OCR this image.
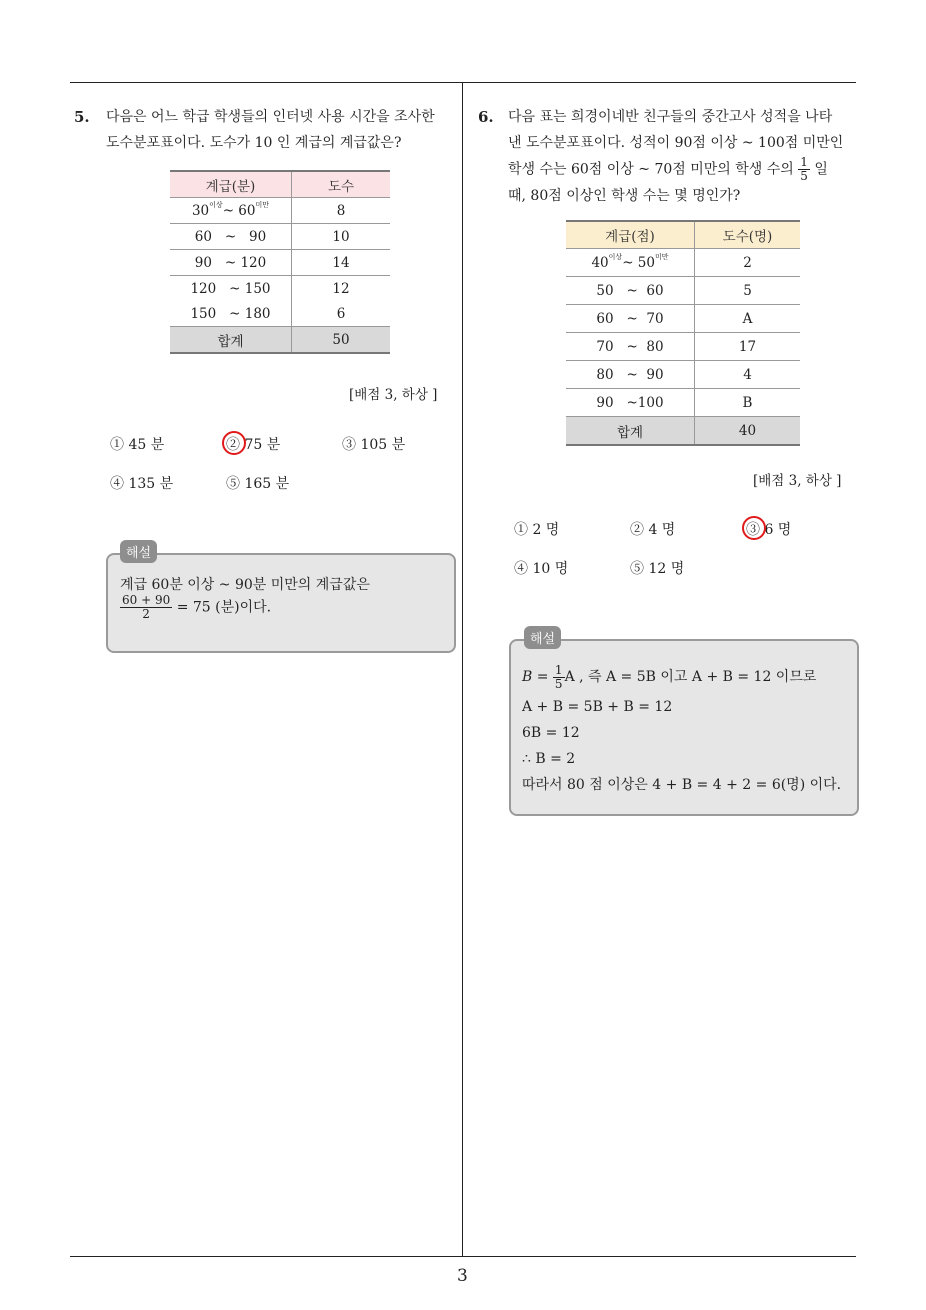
5. 다음은 어느 학급 학생들의 인터넷 사용 시간을 조사한
도수분포표이다. 도수가 10 인 계급의 계급값은?
계급(분)	도수
$30^{이상}\sim$ $60^{미만}$	8
60 ~ 90	10
90 ~ 120	14
120 ~ 150	12
150 ~ 180	6
합계	50
[배점 3, 하상 ]
① 45 분	② 75 분	③ 105 분
④ 135 분	⑤ 165 분
해설
계급 60분 이상 ~ 90분 미만의 계급값은
$\frac{60 + 90}{2} = 75$ (분)이다.
6. 다음 표는 희경이네반 친구들의 중간고사 성적을 나타
낸 도수분포표이다. 성적이 90점 이상 ~ 100점 미만인
학생 수는 60점 이상 ~ 70점 미만의 학생 수의 $\frac{1}{5}$ 일
때, 80점 이상인 학생 수는 몇 명인가?
계급(점)	도수(명)
$40^{이상}\sim$ $50^{미만}$	2
50 ~ 60	5
60 ~ 70	A
70 ~ 80	17
80 ~ 90	4
90 ~100	B
합계	40
[배점 3, 하상 ]
① 2 명	② 4 명	③ 6 명
④ 10 명	⑤ 12 명
해설
$B = \frac{1}{5}$ A , 즉 A = 5B 이고 A + B = 12 이므로
A + B = 5B + B = 12
6B = 12
∴ B = 2
따라서 80 점 이상은 4 + B = 4 + 2 = 6(명) 이다.
3
